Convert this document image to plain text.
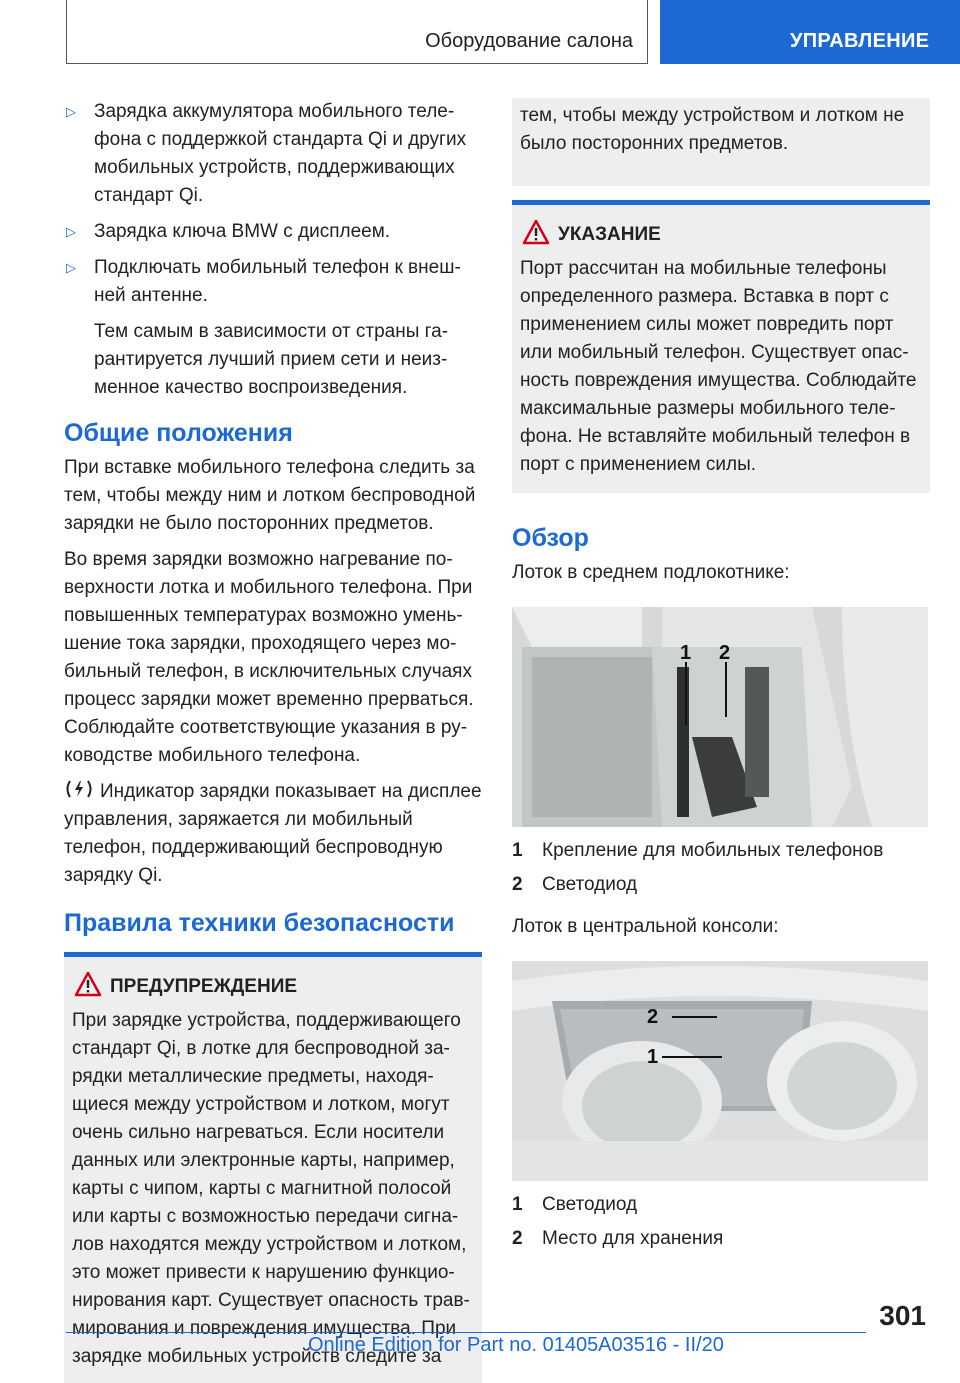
Оборудование салона	УПРАВЛЕНИЕ
▷ Зарядка аккумулятора мобильного телефона с поддержкой стандарта Qi и других мобильных устройств, поддерживающих стандарт Qi.
▷ Зарядка ключа BMW с дисплеем.
▷ Подключать мобильный телефон к внешней антенне.
Тем самым в зависимости от страны гарантируется лучший прием сети и неизменное качество воспроизведения.
Общие положения

При вставке мобильного телефона следить за тем, чтобы между ним и лотком беспроводной зарядки не было посторонних предметов.

Во время зарядки возможно нагревание поверхности лотка и мобильного телефона. При повышенных температурах возможно уменьшение тока зарядки, проходящего через мобильный телефон, в исключительных случаях процесс зарядки может временно прерваться. Соблюдайте соответствующие указания в руководстве мобильного телефона.

Индикатор зарядки показывает на дисплее управления, заряжается ли мобильный телефон, поддерживающий беспроводную зарядку Qi.

Правила техники безопасности
ПРЕДУПРЕЖДЕНИЕ

При зарядке устройства, поддерживающего стандарт Qi, в лотке для беспроводной зарядки металлические предметы, находящиеся между устройством и лотком, могут очень сильно нагреваться. Если носители данных или электронные карты, например, карты с чипом, карты с магнитной полосой или карты с возможностью передачи сигналов находятся между устройством и лотком, это может привести к нарушению функционирования карт. Существует опасность травмирования и повреждения имущества. При зарядке мобильных устройств следите за

тем, чтобы между устройством и лотком не было посторонних предметов.

УКАЗАНИЕ

Порт рассчитан на мобильные телефоны определенного размера. Вставка в порт с применением силы может повредить порт или мобильный телефон. Существует опасность повреждения имущества. Соблюдайте максимальные размеры мобильного телефона. Не вставляйте мобильный телефон в порт с применением силы.

Обзор

Лоток в среднем подлокотнике:

1 2
1 Крепление для мобильных телефонов
2 Светодиод

Лоток в центральной консоли:

2
1
1 Светодиод
2 Место для хранения
301
Online Edition for Part no. 01405A03516 - II/20
